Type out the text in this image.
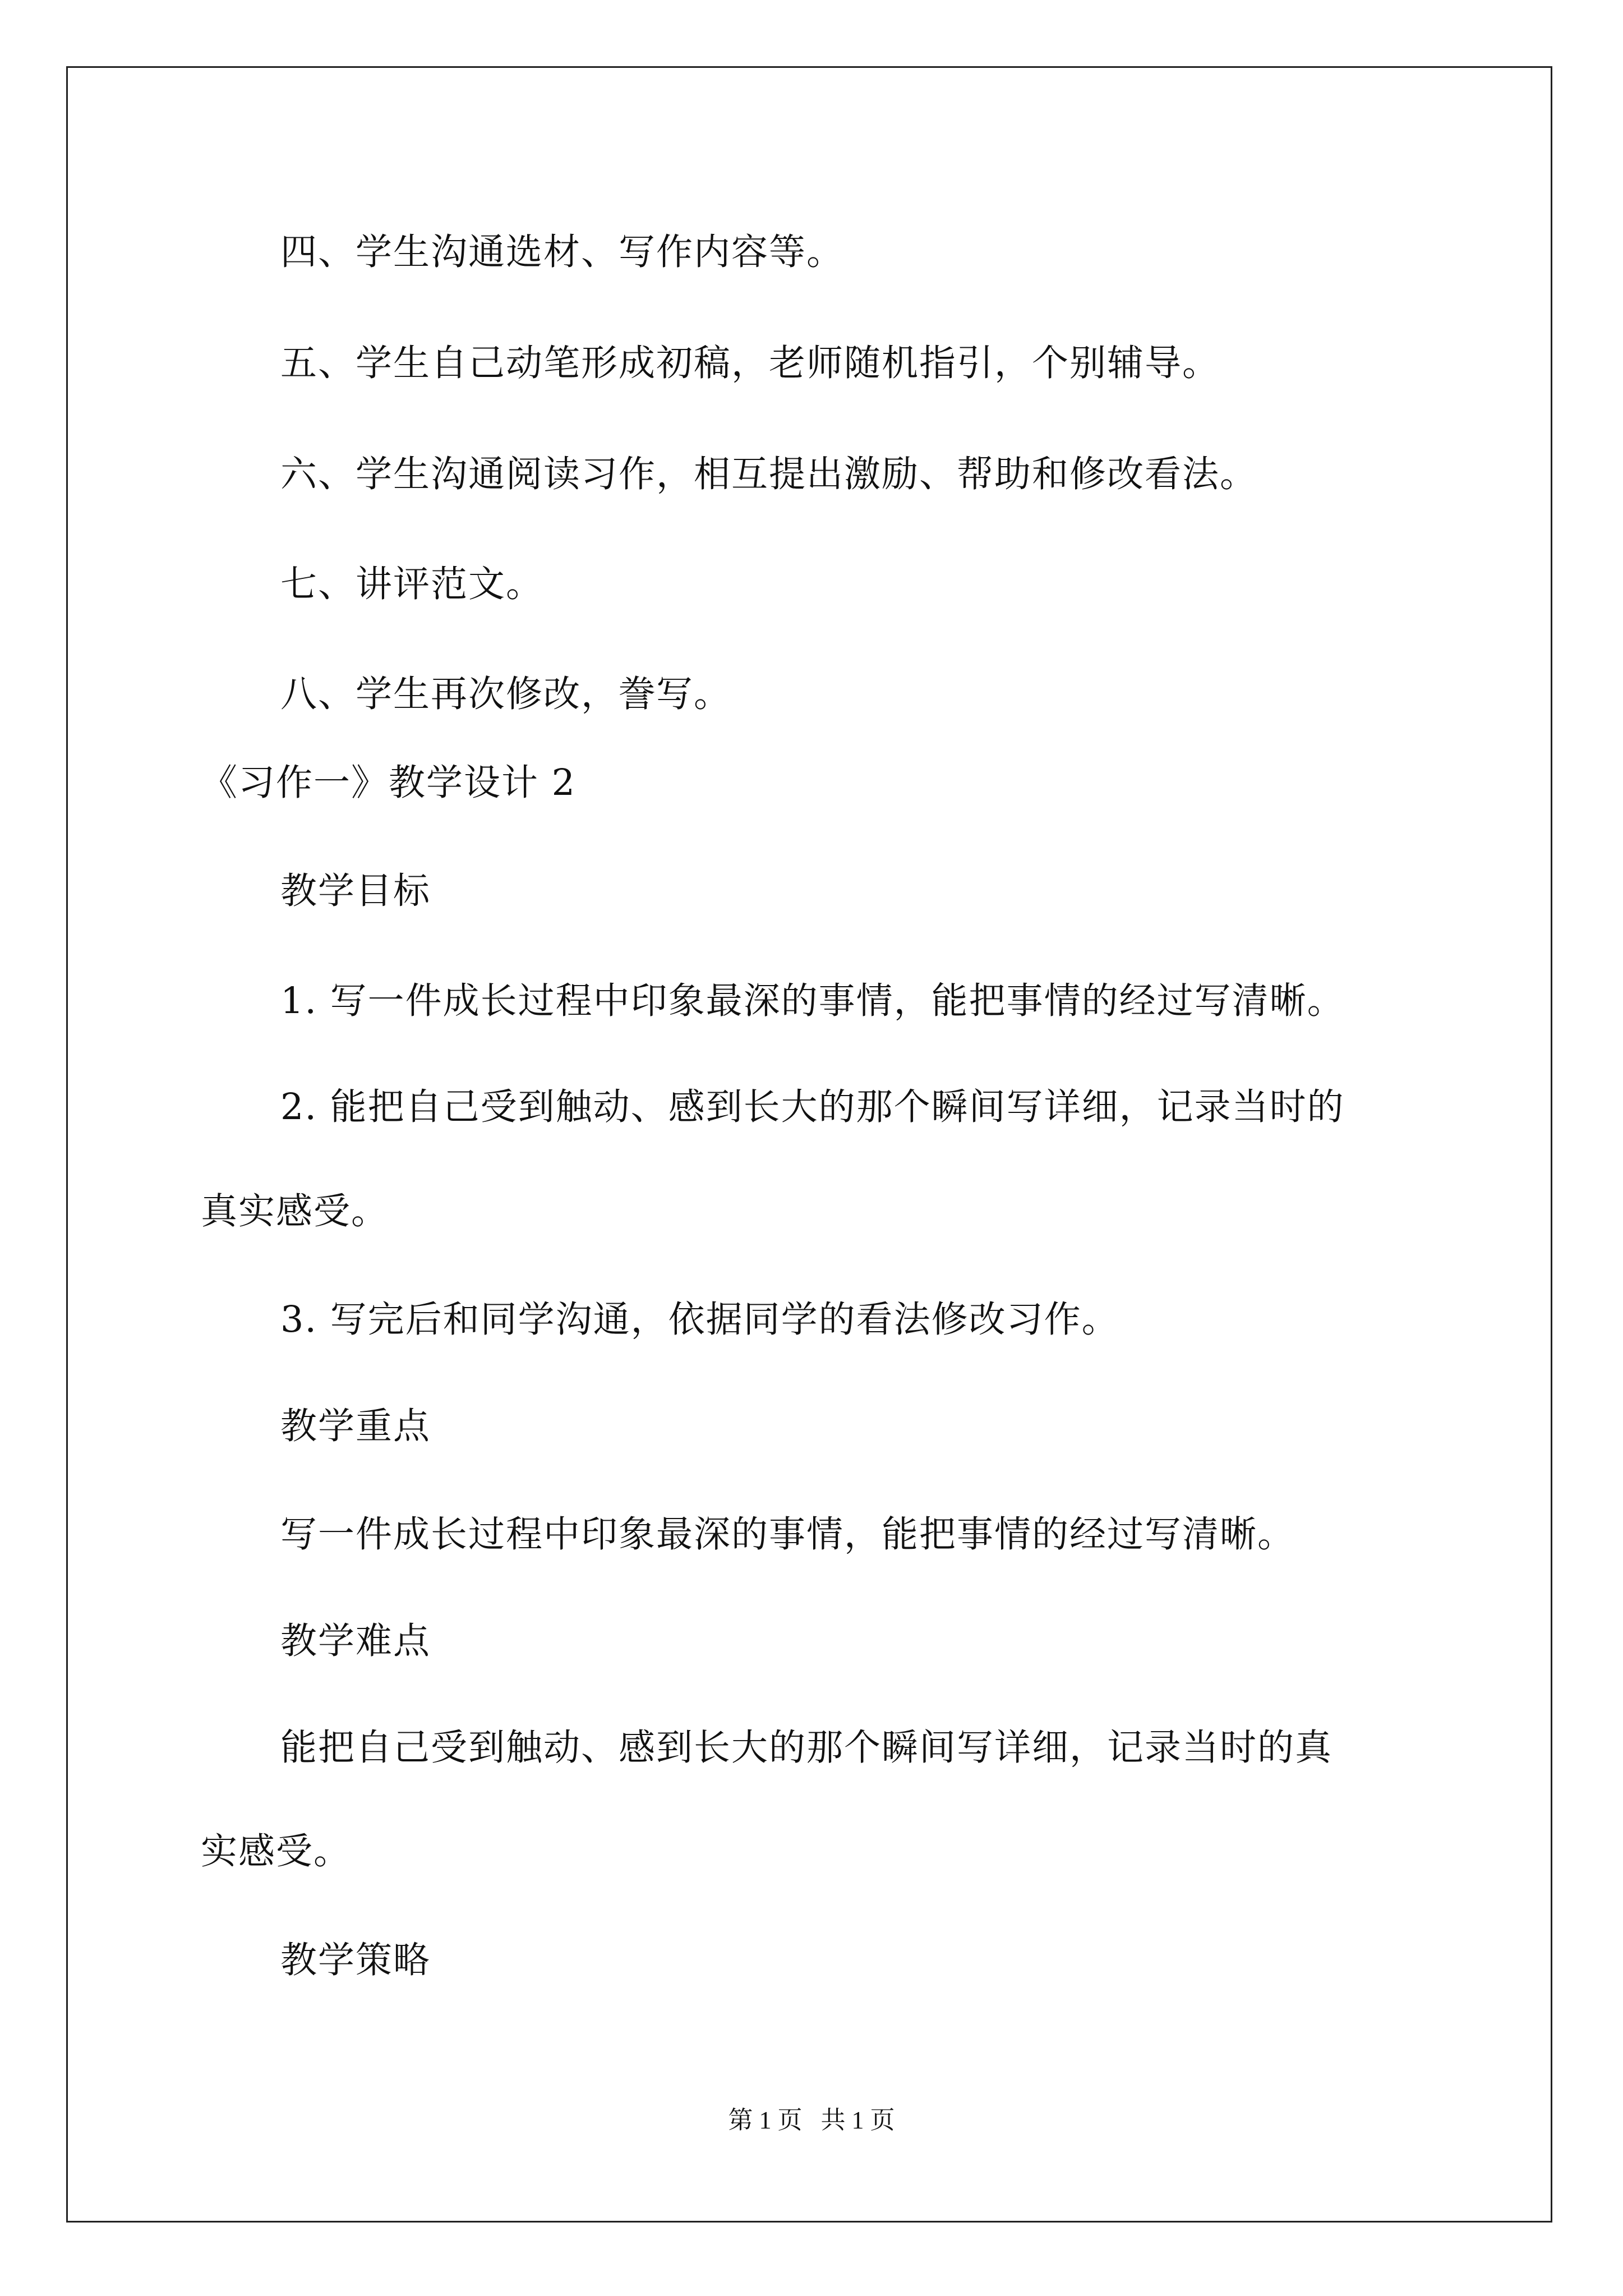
四、学生沟通选材、写作内容等。
五、学生自己动笔形成初稿，老师随机指引，个别辅导。
六、学生沟通阅读习作，相互提出激励、帮助和修改看法。
七、讲评范文。
八、学生再次修改，誊写。
《习作一》教学设计 2
教学目标
1. 写一件成长过程中印象最深的事情，能把事情的经过写清晰。
2. 能把自己受到触动、感到长大的那个瞬间写详细，记录当时的
真实感受。
3. 写完后和同学沟通，依据同学的看法修改习作。
教学重点
写一件成长过程中印象最深的事情，能把事情的经过写清晰。
教学难点
能把自己受到触动、感到长大的那个瞬间写详细，记录当时的真
实感受。
教学策略
第 1 页   共 1 页
